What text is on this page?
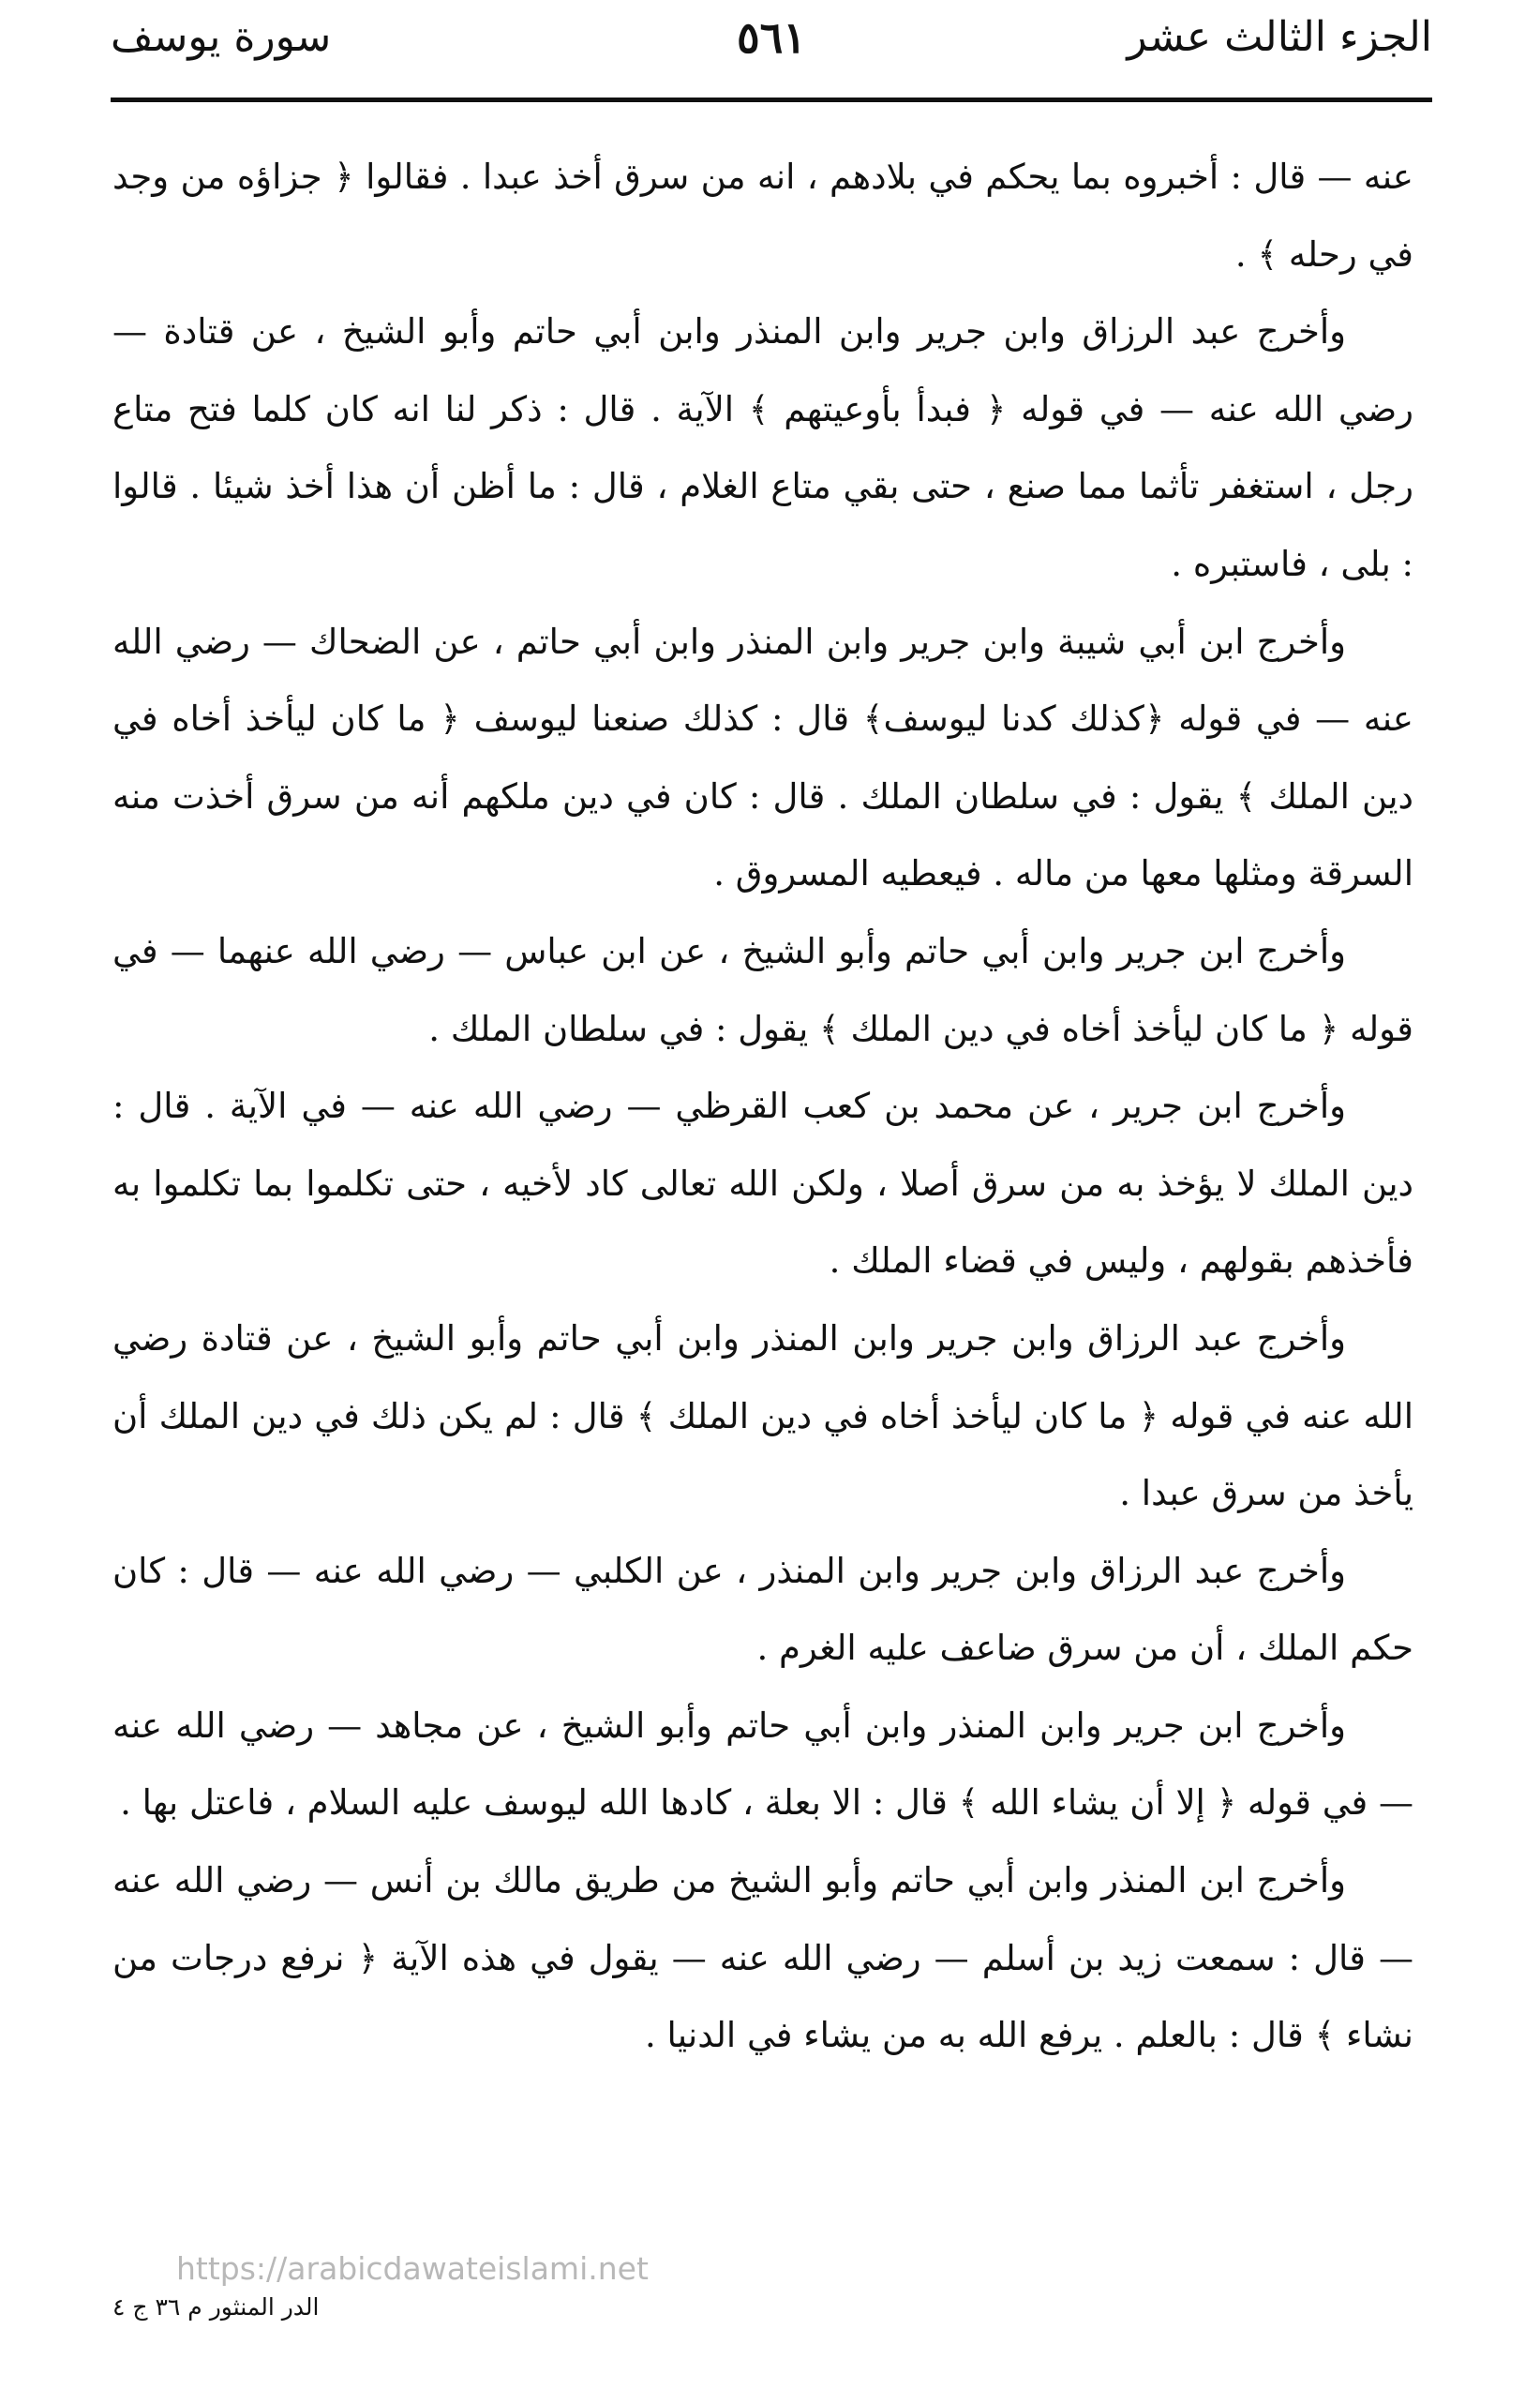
الجزء الثالث عشر
٥٦١
سورة يوسف

عنه — قال : أخبروه بما يحكم في بلادهم ، انه من سرق أخذ عبدا . فقالوا ﴿ جزاؤه من وجد في رحله ﴾ .

وأخرج عبد الرزاق وابن جرير وابن المنذر وابن أبي حاتم وأبو الشيخ ، عن قتادة — رضي الله عنه — في قوله ﴿ فبدأ بأوعيتهم ﴾ الآية . قال : ذكر لنا انه كان كلما فتح متاع رجل ، استغفر تأثما مما صنع ، حتى بقي متاع الغلام ، قال : ما أظن أن هذا أخذ شيئا . قالوا : بلى ، فاستبره .

وأخرج ابن أبي شيبة وابن جرير وابن المنذر وابن أبي حاتم ، عن الضحاك — رضي الله عنه — في قوله ﴿كذلك كدنا ليوسف﴾ قال : كذلك صنعنا ليوسف ﴿ ما كان ليأخذ أخاه في دين الملك ﴾ يقول : في سلطان الملك . قال : كان في دين ملكهم أنه من سرق أخذت منه السرقة ومثلها معها من ماله . فيعطيه المسروق .

وأخرج ابن جرير وابن أبي حاتم وأبو الشيخ ، عن ابن عباس — رضي الله عنهما — في قوله ﴿ ما كان ليأخذ أخاه في دين الملك ﴾ يقول : في سلطان الملك .

وأخرج ابن جرير ، عن محمد بن كعب القرظي — رضي الله عنه — في الآية . قال : دين الملك لا يؤخذ به من سرق أصلا ، ولكن الله تعالى كاد لأخيه ، حتى تكلموا بما تكلموا به فأخذهم بقولهم ، وليس في قضاء الملك .

وأخرج عبد الرزاق وابن جرير وابن المنذر وابن أبي حاتم وأبو الشيخ ، عن قتادة رضي الله عنه في قوله ﴿ ما كان ليأخذ أخاه في دين الملك ﴾ قال : لم يكن ذلك في دين الملك أن يأخذ من سرق عبدا .

وأخرج عبد الرزاق وابن جرير وابن المنذر ، عن الكلبي — رضي الله عنه — قال : كان حكم الملك ، أن من سرق ضاعف عليه الغرم .

وأخرج ابن جرير وابن المنذر وابن أبي حاتم وأبو الشيخ ، عن مجاهد — رضي الله عنه — في قوله ﴿ إلا أن يشاء الله ﴾ قال : الا بعلة ، كادها الله ليوسف عليه السلام ، فاعتل بها .

وأخرج ابن المنذر وابن أبي حاتم وأبو الشيخ من طريق مالك بن أنس — رضي الله عنه — قال : سمعت زيد بن أسلم — رضي الله عنه — يقول في هذه الآية ﴿ نرفع درجات من نشاء ﴾ قال : بالعلم . يرفع الله به من يشاء في الدنيا .

https://arabicdawateislami.net
الدر المنثور م ٣٦ ج ٤
